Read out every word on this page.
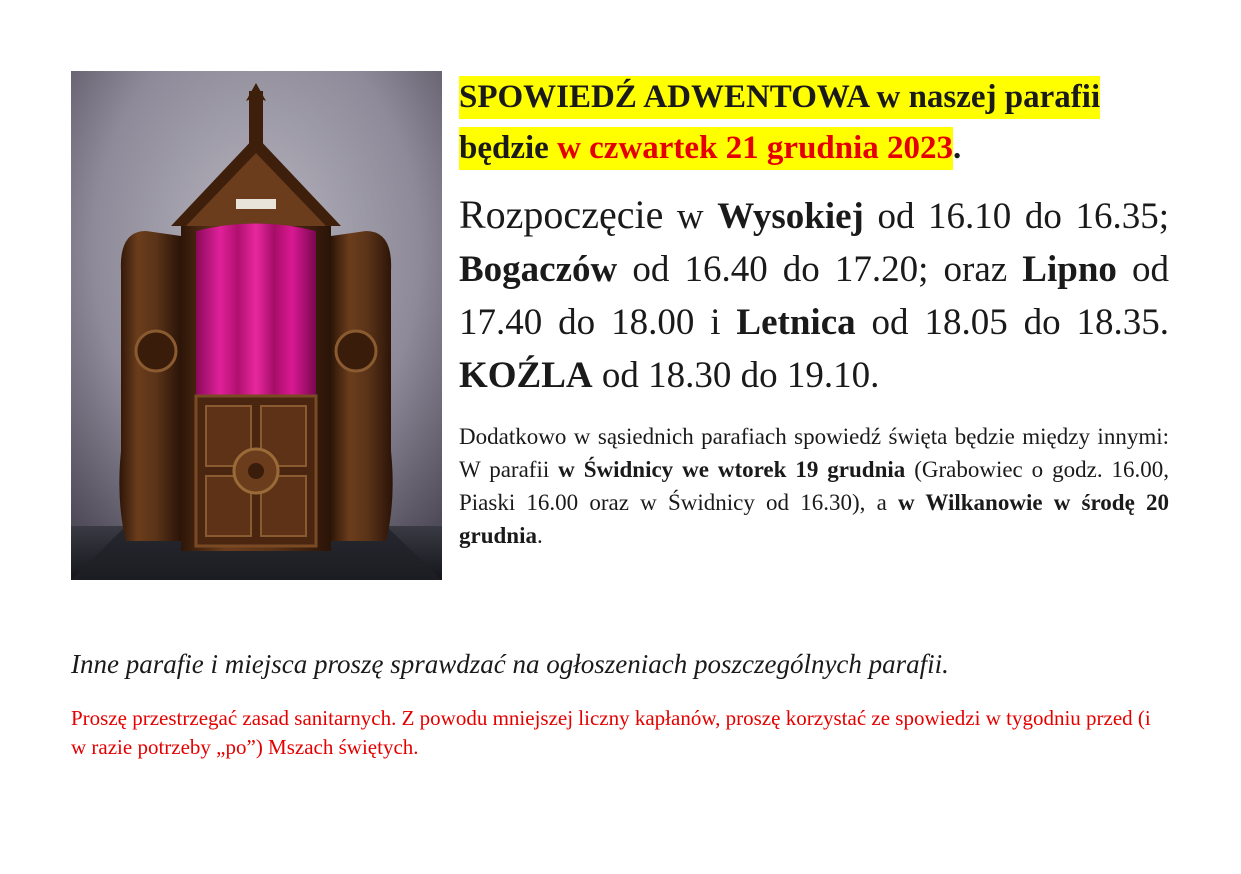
SPOWIEDŹ ADWENTOWA w naszej parafii będzie w czwartek 21 grudnia 2023.

Rozpoczęcie w Wysokiej od 16.10 do 16.35; Bogaczów od 16.40 do 17.20; oraz Lipno od 17.40 do 18.00 i Letnica od 18.05 do 18.35. KOŹLA od 18.30 do 19.10.

Dodatkowo w sąsiednich parafiach spowiedź święta będzie między innymi: W parafii w Świdnicy we wtorek 19 grudnia (Grabowiec o godz. 16.00, Piaski 16.00 oraz w Świdnicy od 16.30), a w Wilkanowie w środę 20 grudnia.

Inne parafie i miejsca proszę sprawdzać na ogłoszeniach poszczególnych parafii.
Proszę przestrzegać zasad sanitarnych. Z powodu mniejszej liczny kapłanów, proszę korzystać ze spowiedzi w tygodniu przed (i w razie potrzeby „po”) Mszach świętych.
